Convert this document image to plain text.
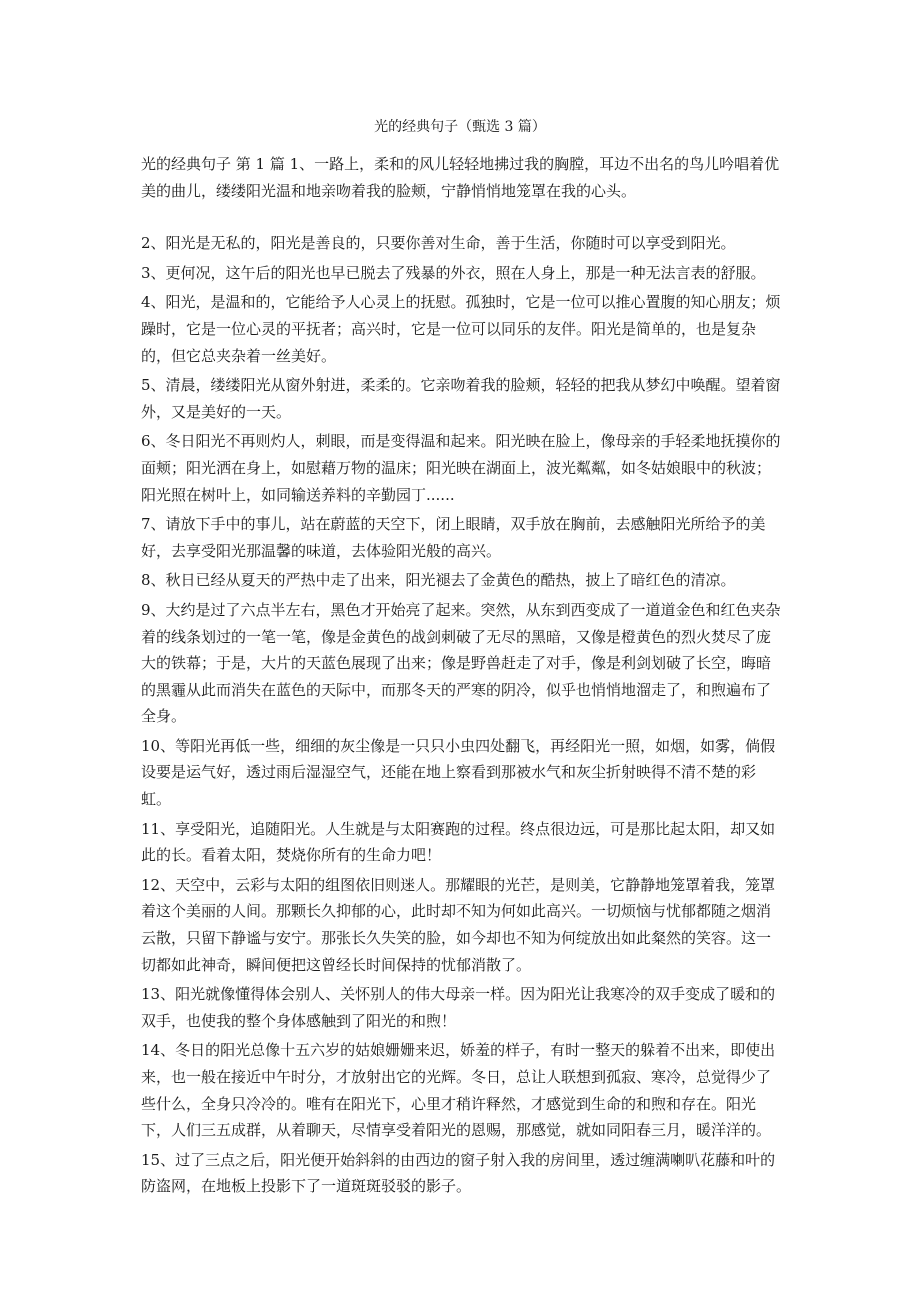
光的经典句子（甄选 3 篇）

光的经典句子 第 1 篇 1、一路上，柔和的风儿轻轻地拂过我的胸膛，耳边不出名的鸟儿吟唱着优美的曲儿，缕缕阳光温和地亲吻着我的脸颊，宁静悄悄地笼罩在我的心头。

2、阳光是无私的，阳光是善良的，只要你善对生命，善于生活，你随时可以享受到阳光。

3、更何况，这午后的阳光也早已脱去了残暴的外衣，照在人身上，那是一种无法言表的舒服。

4、阳光，是温和的，它能给予人心灵上的抚慰。孤独时，它是一位可以推心置腹的知心朋友；烦躁时，它是一位心灵的平抚者；高兴时，它是一位可以同乐的友伴。阳光是简单的，也是复杂的，但它总夹杂着一丝美好。

5、清晨，缕缕阳光从窗外射进，柔柔的。它亲吻着我的脸颊，轻轻的把我从梦幻中唤醒。望着窗外，又是美好的一天。

6、冬日阳光不再则灼人，刺眼，而是变得温和起来。阳光映在脸上，像母亲的手轻柔地抚摸你的面颊；阳光洒在身上，如慰藉万物的温床；阳光映在湖面上，波光粼粼，如冬姑娘眼中的秋波；阳光照在树叶上，如同输送养料的辛勤园丁......

7、请放下手中的事儿，站在蔚蓝的天空下，闭上眼睛，双手放在胸前，去感触阳光所给予的美好，去享受阳光那温馨的味道，去体验阳光般的高兴。

8、秋日已经从夏天的严热中走了出来，阳光褪去了金黄色的酷热，披上了暗红色的清凉。

9、大约是过了六点半左右，黑色才开始亮了起来。突然，从东到西变成了一道道金色和红色夹杂着的线条划过的一笔一笔，像是金黄色的战剑刺破了无尽的黑暗，又像是橙黄色的烈火焚尽了庞大的铁幕；于是，大片的天蓝色展现了出来；像是野兽赶走了对手，像是利剑划破了长空，晦暗的黑霾从此而消失在蓝色的天际中，而那冬天的严寒的阴冷，似乎也悄悄地溜走了，和煦遍布了全身。

10、等阳光再低一些，细细的灰尘像是一只只小虫四处翻飞，再经阳光一照，如烟，如雾，倘假设要是运气好，透过雨后湿湿空气，还能在地上察看到那被水气和灰尘折射映得不清不楚的彩虹。

11、享受阳光，追随阳光。人生就是与太阳赛跑的过程。终点很边远，可是那比起太阳，却又如此的长。看着太阳，焚烧你所有的生命力吧！

12、天空中，云彩与太阳的组图依旧则迷人。那耀眼的光芒，是则美，它静静地笼罩着我，笼罩着这个美丽的人间。那颗长久抑郁的心，此时却不知为何如此高兴。一切烦恼与忧郁都随之烟消云散，只留下静谧与安宁。那张长久失笑的脸，如今却也不知为何绽放出如此粲然的笑容。这一切都如此神奇，瞬间便把这曾经长时间保持的忧郁消散了。

13、阳光就像懂得体会别人、关怀别人的伟大母亲一样。因为阳光让我寒冷的双手变成了暖和的双手，也使我的整个身体感触到了阳光的和煦！

14、冬日的阳光总像十五六岁的姑娘姗姗来迟，娇羞的样子，有时一整天的躲着不出来，即使出来，也一般在接近中午时分，才放射出它的光辉。冬日，总让人联想到孤寂、寒冷，总觉得少了些什么，全身只冷冷的。唯有在阳光下，心里才稍许释然，才感觉到生命的和煦和存在。阳光下，人们三五成群，从着聊天，尽情享受着阳光的恩赐，那感觉，就如同阳春三月，暖洋洋的。

15、过了三点之后，阳光便开始斜斜的由西边的窗子射入我的房间里，透过缠满喇叭花藤和叶的防盗网，在地板上投影下了一道斑斑驳驳的影子。
